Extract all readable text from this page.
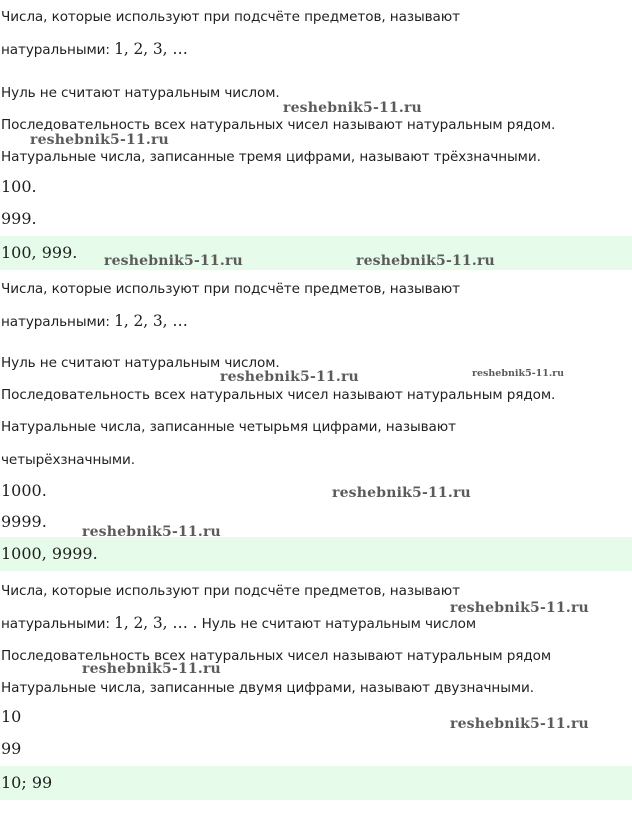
Числа, которые используют при подсчёте предметов, называют
натуральными: 1, 2, 3, …
Нуль не считают натуральным числом.
Последовательность всех натуральных чисел называют натуральным рядом.
Натуральные числа, записанные тремя цифрами, называют трёхзначными.
100.
999.
100, 999.
Числа, которые используют при подсчёте предметов, называют
натуральными: 1, 2, 3, …
Нуль не считают натуральным числом.
Последовательность всех натуральных чисел называют натуральным рядом.
Натуральные числа, записанные четырьмя цифрами, называют
четырёхзначными.
1000.
9999.
1000, 9999.
Числа, которые используют при подсчёте предметов, называют
натуральными: 1, 2, 3, … . Нуль не считают натуральным числом
Последовательность всех натуральных чисел называют натуральным рядом
Натуральные числа, записанные двумя цифрами, называют двузначными.
10
99
10; 99
reshebnik5-11.ru
reshebnik5-11.ru
reshebnik5-11.ru	reshebnik5-11.ru
reshebnik5-11.ru	reshebnik5-11.ru
reshebnik5-11.ru
reshebnik5-11.ru
reshebnik5-11.ru
reshebnik5-11.ru
reshebnik5-11.ru
